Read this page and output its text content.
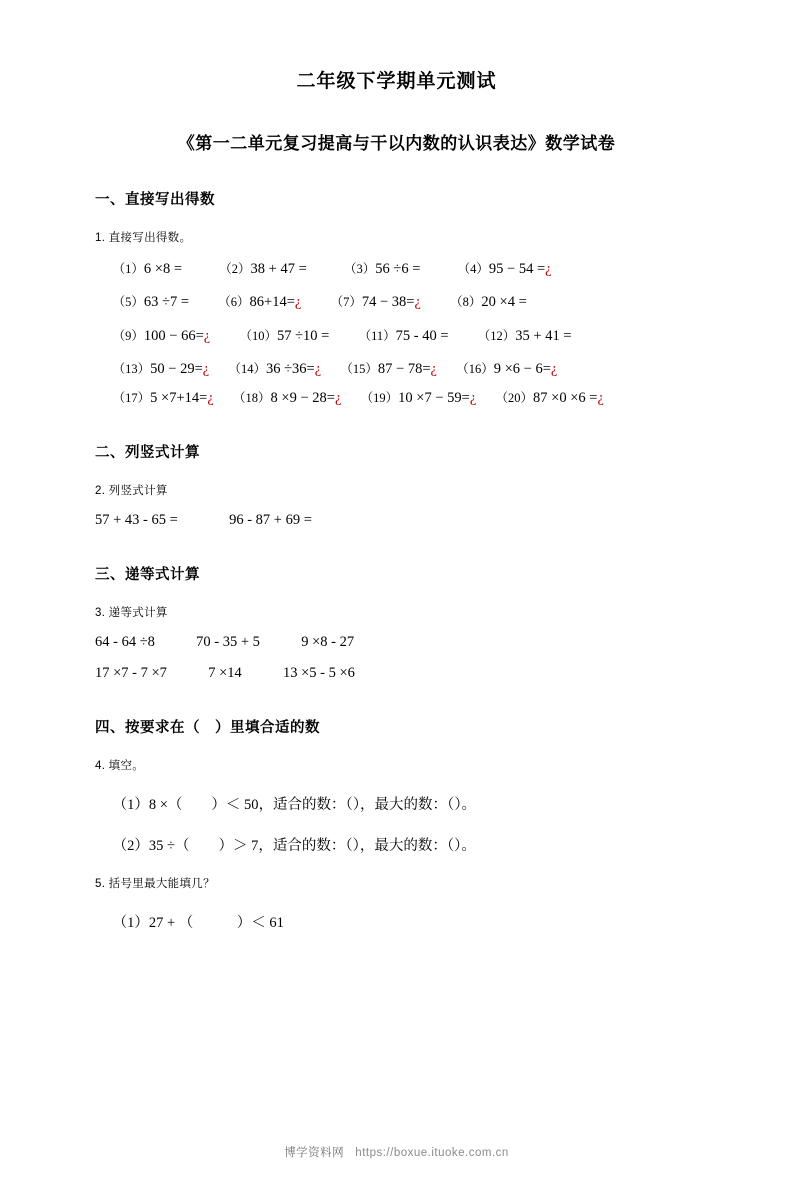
二年级下学期单元测试
《第一二单元复习提高与干以内数的认识表达》数学试卷
一、直接写出得数
1. 直接写出得数。
（1）6 ×8 =	（2）38 + 47 =	（3）56 ÷6 =	（4）95 − 54 =¿
（5）63 ÷7 = （6）86+14=¿ （7）74 − 38=¿ （8）20 ×4 =
（9）100 − 66=¿ （10）57 ÷10 = （11）75 - 40 = （12）35 + 41 =
（13）50 − 29=¿ （14）36 ÷36=¿ （15）87 − 78=¿ （16）9 ×6 − 6=¿
（17）5 ×7+14=¿ （18）8 ×9 − 28=¿ （19）10 ×7 − 59=¿ （20）87 ×0 ×6 =¿
二、列竖式计算
2. 列竖式计算
57 + 43 - 65 =	96 - 87 + 69 =
三、递等式计算
3. 递等式计算
64 - 64 ÷8	70 - 35 + 5	9 ×8 - 27
17 ×7 - 7 ×7	7 ×14	13 ×5 - 5 ×6
四、按要求在（　）里填合适的数
4. 填空。
（1）8 ×（　　）＜ 50，适合的数：（），最大的数：（）。
（2）35 ÷（　　）＞ 7，适合的数：（），最大的数：（）。
5. 括号里最大能填几？
（1）27 + （　　　）＜ 61
博学资料网 https://boxue.ituoke.com.cn
